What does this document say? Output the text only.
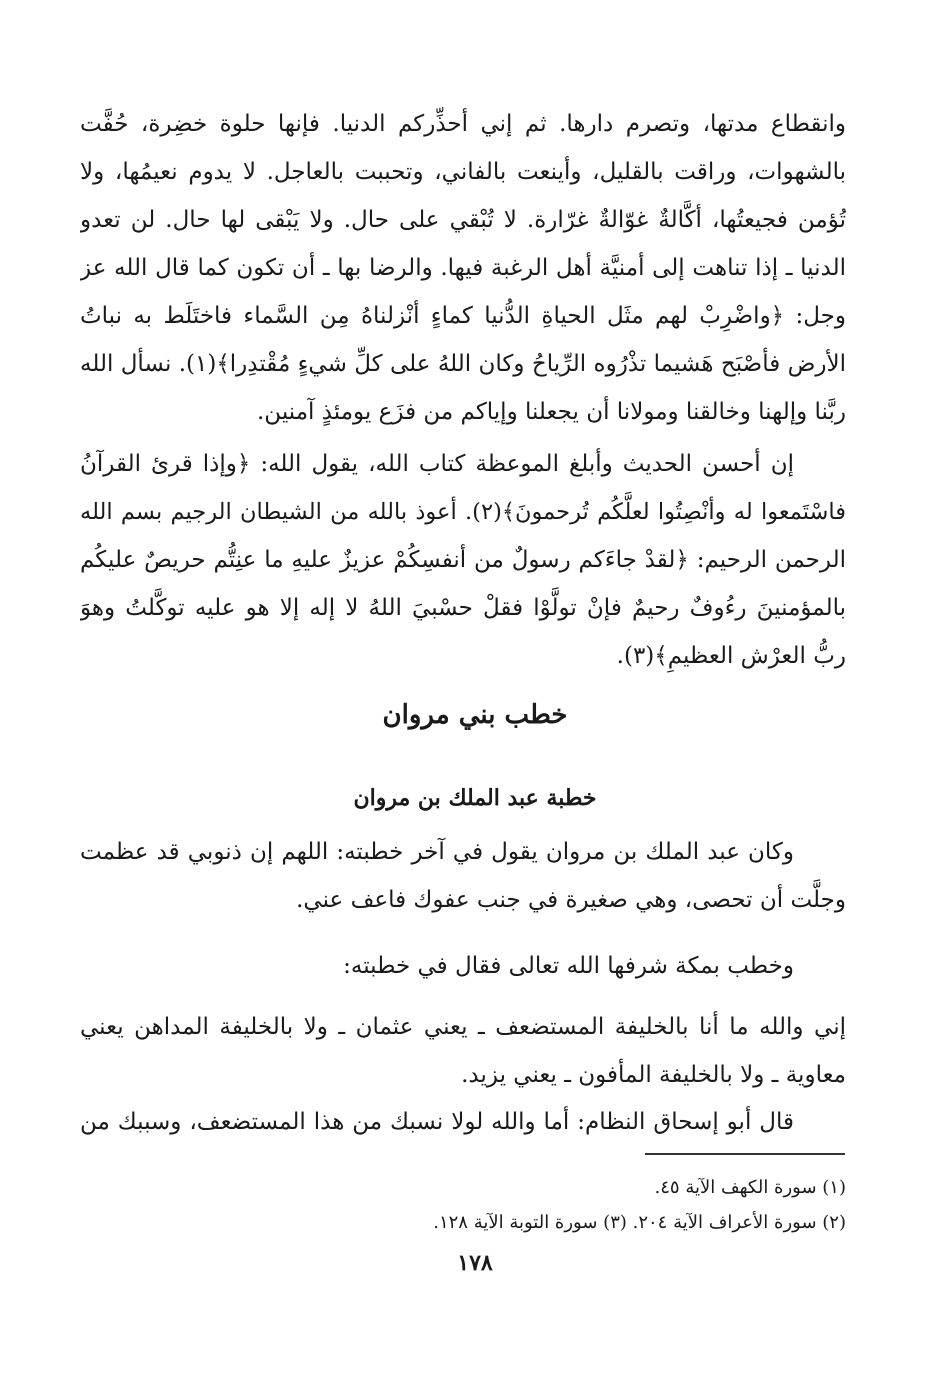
وانقطاع مدتها، وتصرم دارها. ثم إني أحذِّركم الدنيا. فإنها حلوة خضِرة، حُفَّت
بالشهوات، وراقت بالقليل، وأينعت بالفاني، وتحببت بالعاجل. لا يدوم نعيمُها، ولا
تُؤمن فجيعتُها، أكَّالةٌ غوّالةٌ غرّارة. لا تُبْقي على حال. ولا يَبْقى لها حال. لن تعدو
الدنيا ـ إذا تناهت إلى أمنيَّة أهل الرغبة فيها. والرضا بها ـ أن تكون كما قال الله عز
وجل: ﴿واضْرِبْ لهم مثَل الحياةِ الدُّنيا كماءٍ أنْزلناهُ مِن السَّماء فاختَلَط به نباتُ
الأرض فأصْبَح هَشيما تذْرُوه الرِّياحُ وكان اللهُ على كلِّ شيءٍ مُقْتدِرا﴾(١). نسأل الله
ربَّنا وإلهنا وخالقنا ومولانا أن يجعلنا وإياكم من فزَع يومئذٍ آمنين.
إن أحسن الحديث وأبلغ الموعظة كتاب الله، يقول الله: ﴿وإذا قرئ القرآنُ
فاسْتَمعوا له وأنْصِتُوا لعلَّكُم تُرحمونَ﴾(٢). أعوذ بالله من الشيطان الرجيم بسم الله
الرحمن الرحيم: ﴿لقدْ جاءَكم رسولٌ من أنفسِكُمْ عزيزٌ عليهِ ما عنِتُّم حريصٌ عليكُم
بالمؤمنينَ رءُوفٌ رحيمٌ فإنْ تولَّوْا فقلْ حسْبيَ اللهُ لا إله إلا هو عليه توكَّلتُ وهوَ
ربُّ العرْش العظيمِ﴾(٣).
خطب بني مروان
خطبة عبد الملك بن مروان
وكان عبد الملك بن مروان يقول في آخر خطبته: اللهم إن ذنوبي قد عظمت
وجلَّت أن تحصى، وهي صغيرة في جنب عفوك فاعف عني.
وخطب بمكة شرفها الله تعالى فقال في خطبته:
إني والله ما أنا بالخليفة المستضعف ـ يعني عثمان ـ ولا بالخليفة المداهن يعني
معاوية ـ ولا بالخليفة المأفون ـ يعني يزيد.
قال أبو إسحاق النظام: أما والله لولا نسبك من هذا المستضعف، وسببك من
(١) سورة الكهف الآية ٤٥.
(٢) سورة الأعراف الآية ٢٠٤. (٣) سورة التوبة الآية ١٢٨.
١٧٨
